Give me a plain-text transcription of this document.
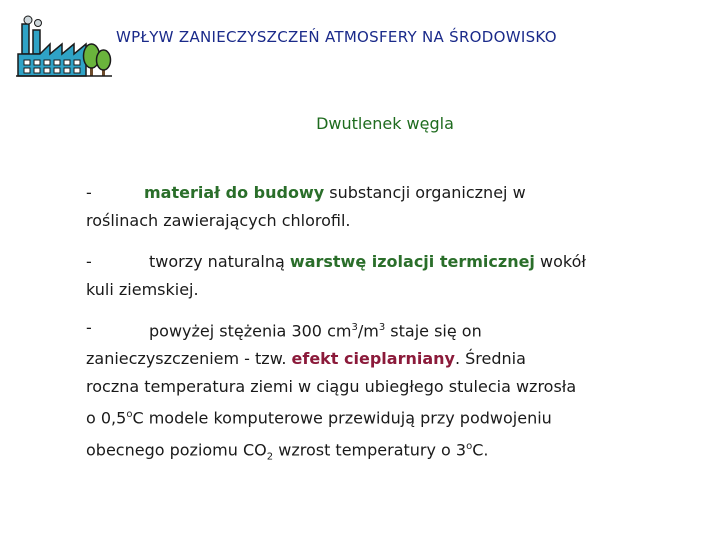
WPŁYW ZANIECZYSZCZEŃ ATMOSFERY NA ŚRODOWISKO
Dwutlenek węgla
-	materiał do budowy substancji organicznej w
roślinach zawierających chlorofil.
-	tworzy naturalną warstwę izolacji termicznej wokół
kuli ziemskiej.
-	powyżej stężenia 300 $cm^3/m^3$ staje się on
zanieczyszczeniem - tzw. efekt cieplarniany. Średnia
roczna temperatura ziemi w ciągu ubiegłego stulecia wzrosła
o 0,5$^o$C modele komputerowe przewidują przy podwojeniu
obecnego poziomu $CO_2$ wzrost temperatury o 3$^o$C.
